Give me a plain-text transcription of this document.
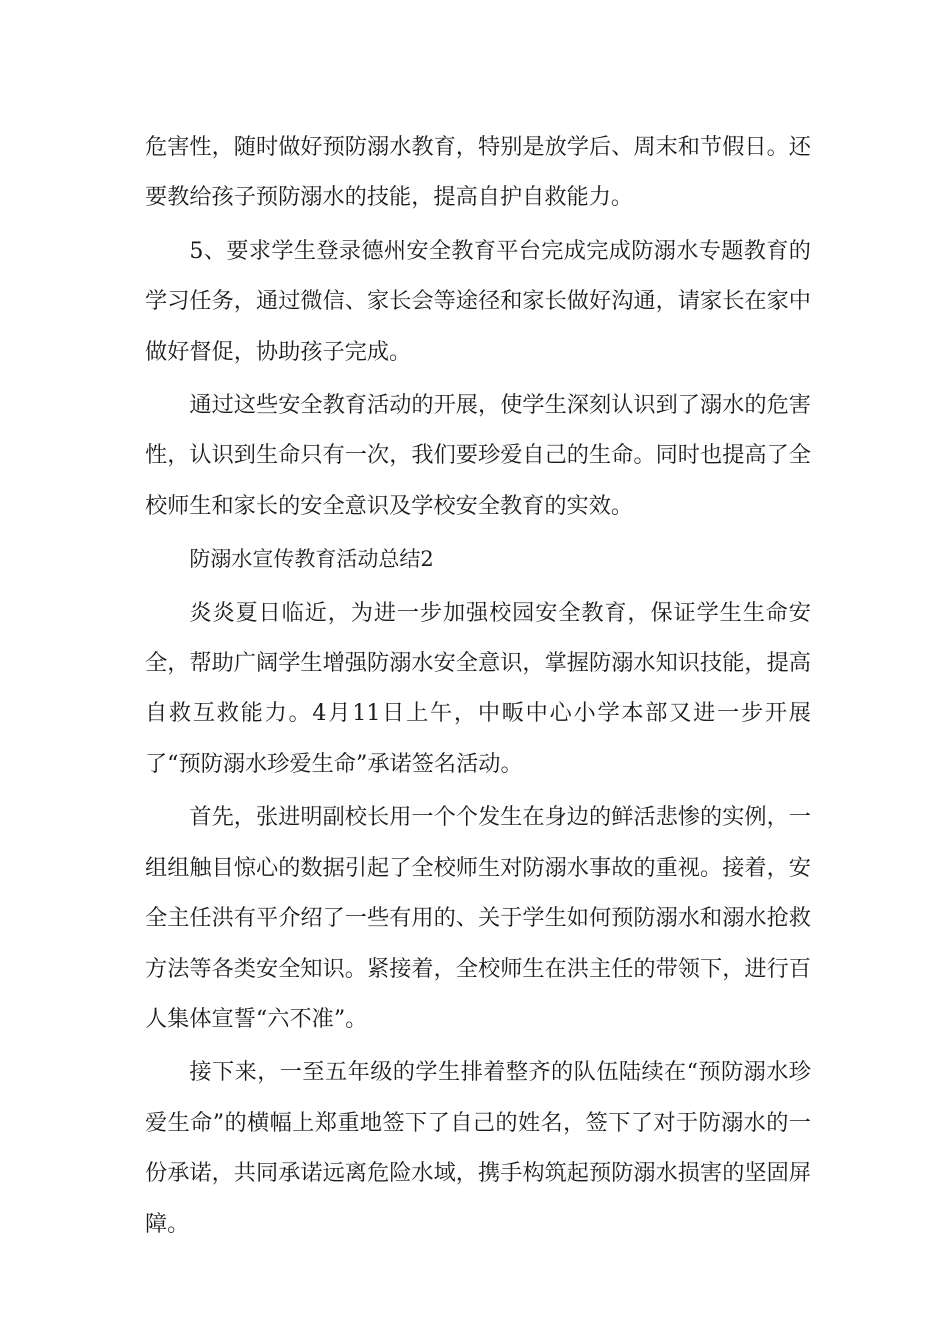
危害性，随时做好预防溺水教育，特别是放学后、周末和节假日。还要教给孩子预防溺水的技能，提高自护自救能力。

5、要求学生登录德州安全教育平台完成完成防溺水专题教育的学习任务，通过微信、家长会等途径和家长做好沟通，请家长在家中做好督促，协助孩子完成。

通过这些安全教育活动的开展，使学生深刻认识到了溺水的危害性，认识到生命只有一次，我们要珍爱自己的生命。同时也提高了全校师生和家长的安全意识及学校安全教育的实效。

防溺水宣传教育活动总结2

炎炎夏日临近，为进一步加强校园安全教育，保证学生生命安全，帮助广阔学生增强防溺水安全意识，掌握防溺水知识技能，提高自救互救能力。4月11日上午，中畈中心小学本部又进一步开展了“预防溺水珍爱生命”承诺签名活动。

首先，张进明副校长用一个个发生在身边的鲜活悲惨的实例，一组组触目惊心的数据引起了全校师生对防溺水事故的重视。接着，安全主任洪有平介绍了一些有用的、关于学生如何预防溺水和溺水抢救方法等各类安全知识。紧接着，全校师生在洪主任的带领下，进行百人集体宣誓“六不准”。

接下来，一至五年级的学生排着整齐的队伍陆续在“预防溺水珍爱生命”的横幅上郑重地签下了自己的姓名，签下了对于防溺水的一份承诺，共同承诺远离危险水域，携手构筑起预防溺水损害的坚固屏障。
